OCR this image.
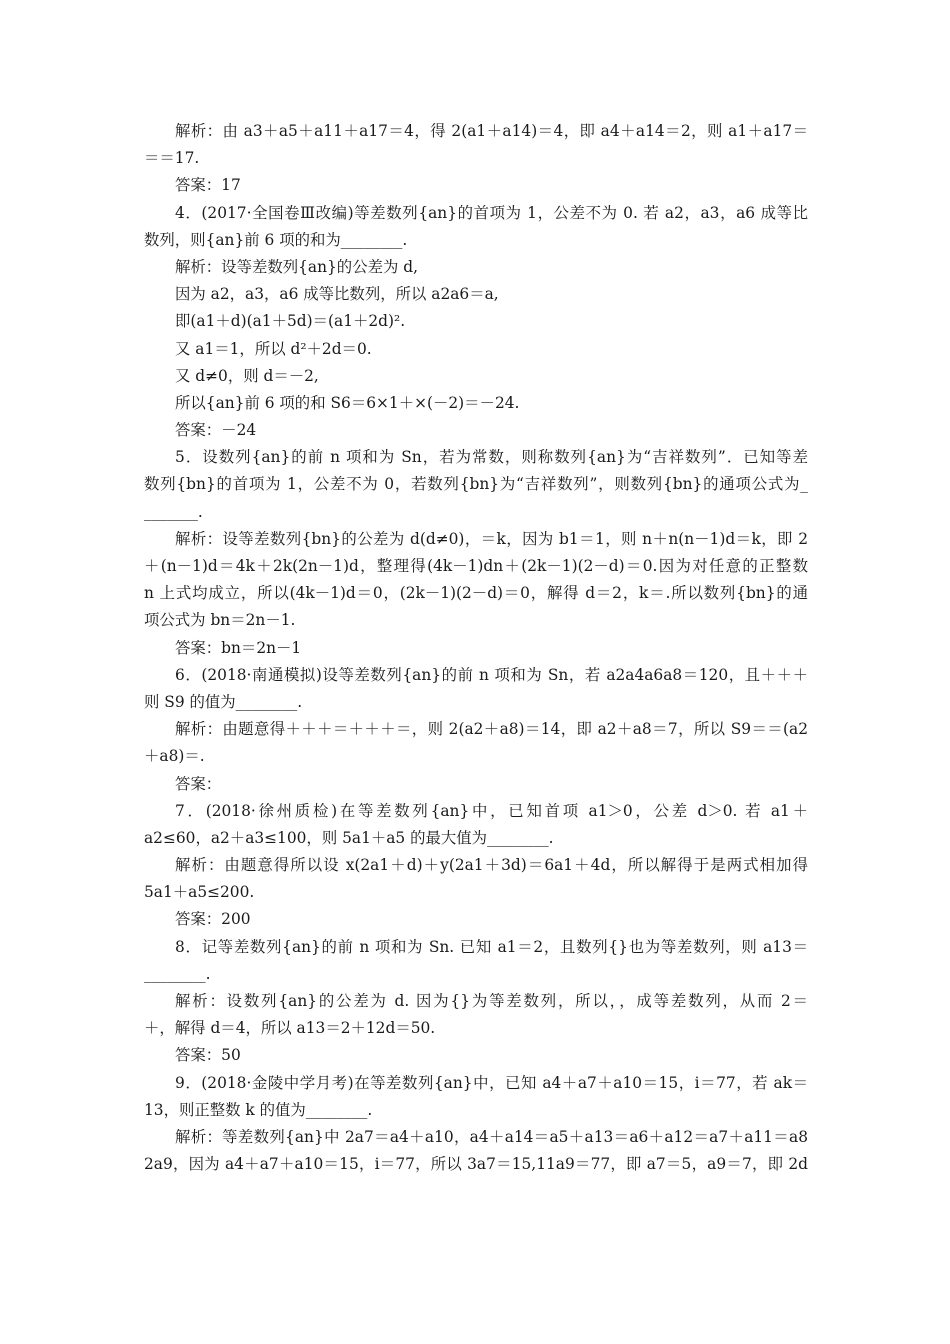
解析：由 a3＋a5＋a11＋a17＝4，得 2(a1＋a14)＝4，即 a4＋a14＝2，则 a1＋a17＝
＝＝17.
答案：17
4．(2017·全国卷Ⅲ改编)等差数列{an}的首项为 1，公差不为 0. 若 a2，a3，a6 成等比
数列，则{an}前 6 项的和为________.
解析：设等差数列{an}的公差为 d,
因为 a2，a3，a6 成等比数列，所以 a2a6＝a,
即(a1＋d)(a1＋5d)＝(a1＋2d)².
又 a1＝1，所以 d²＋2d＝0.
又 d≠0，则 d＝－2,
所以{an}前 6 项的和 S6＝6×1＋×(－2)＝－24.
答案：－24
5．设数列{an}的前 n 项和为 Sn，若为常数，则称数列{an}为“吉祥数列”．已知等差
数列{bn}的首项为 1，公差不为 0，若数列{bn}为“吉祥数列”，则数列{bn}的通项公式为_
_______.
解析：设等差数列{bn}的公差为 d(d≠0)，＝k，因为 b1＝1，则 n＋n(n－1)d＝k，即 2
＋(n－1)d＝4k＋2k(2n－1)d，整理得(4k－1)dn＋(2k－1)(2－d)＝0.因为对任意的正整数
n 上式均成立，所以(4k－1)d＝0，(2k－1)(2－d)＝0，解得 d＝2，k＝.所以数列{bn}的通
项公式为 bn＝2n－1.
答案：bn＝2n－1
6．(2018·南通模拟)设等差数列{an}的前 n 项和为 Sn，若 a2a4a6a8＝120，且＋＋＋
则 S9 的值为________.
解析：由题意得＋＋＋＝＋＋＋＝，则 2(a2＋a8)＝14，即 a2＋a8＝7，所以 S9＝＝(a2
＋a8)＝.
答案：
7．(2018·徐州质检)在等差数列{an}中，已知首项 a1＞0，公差 d＞0. 若 a1＋
a2≤60，a2＋a3≤100，则 5a1＋a5 的最大值为________.
解析：由题意得所以设 x(2a1＋d)＋y(2a1＋3d)＝6a1＋4d，所以解得于是两式相加得
5a1＋a5≤200.
答案：200
8．记等差数列{an}的前 n 项和为 Sn. 已知 a1＝2，且数列{}也为等差数列，则 a13＝
________.
解析：设数列{an}的公差为 d. 因为{}为等差数列，所以，，成等差数列，从而 2＝
＋，解得 d＝4，所以 a13＝2＋12d＝50.
答案：50
9．(2018·金陵中学月考)在等差数列{an}中，已知 a4＋a7＋a10＝15，i＝77，若 ak＝
13，则正整数 k 的值为________.
解析：等差数列{an}中 2a7＝a4＋a10，a4＋a14＝a5＋a13＝a6＋a12＝a7＋a11＝a8
2a9，因为 a4＋a7＋a10＝15，i＝77，所以 3a7＝15,11a9＝77，即 a7＝5，a9＝7，即 2d
